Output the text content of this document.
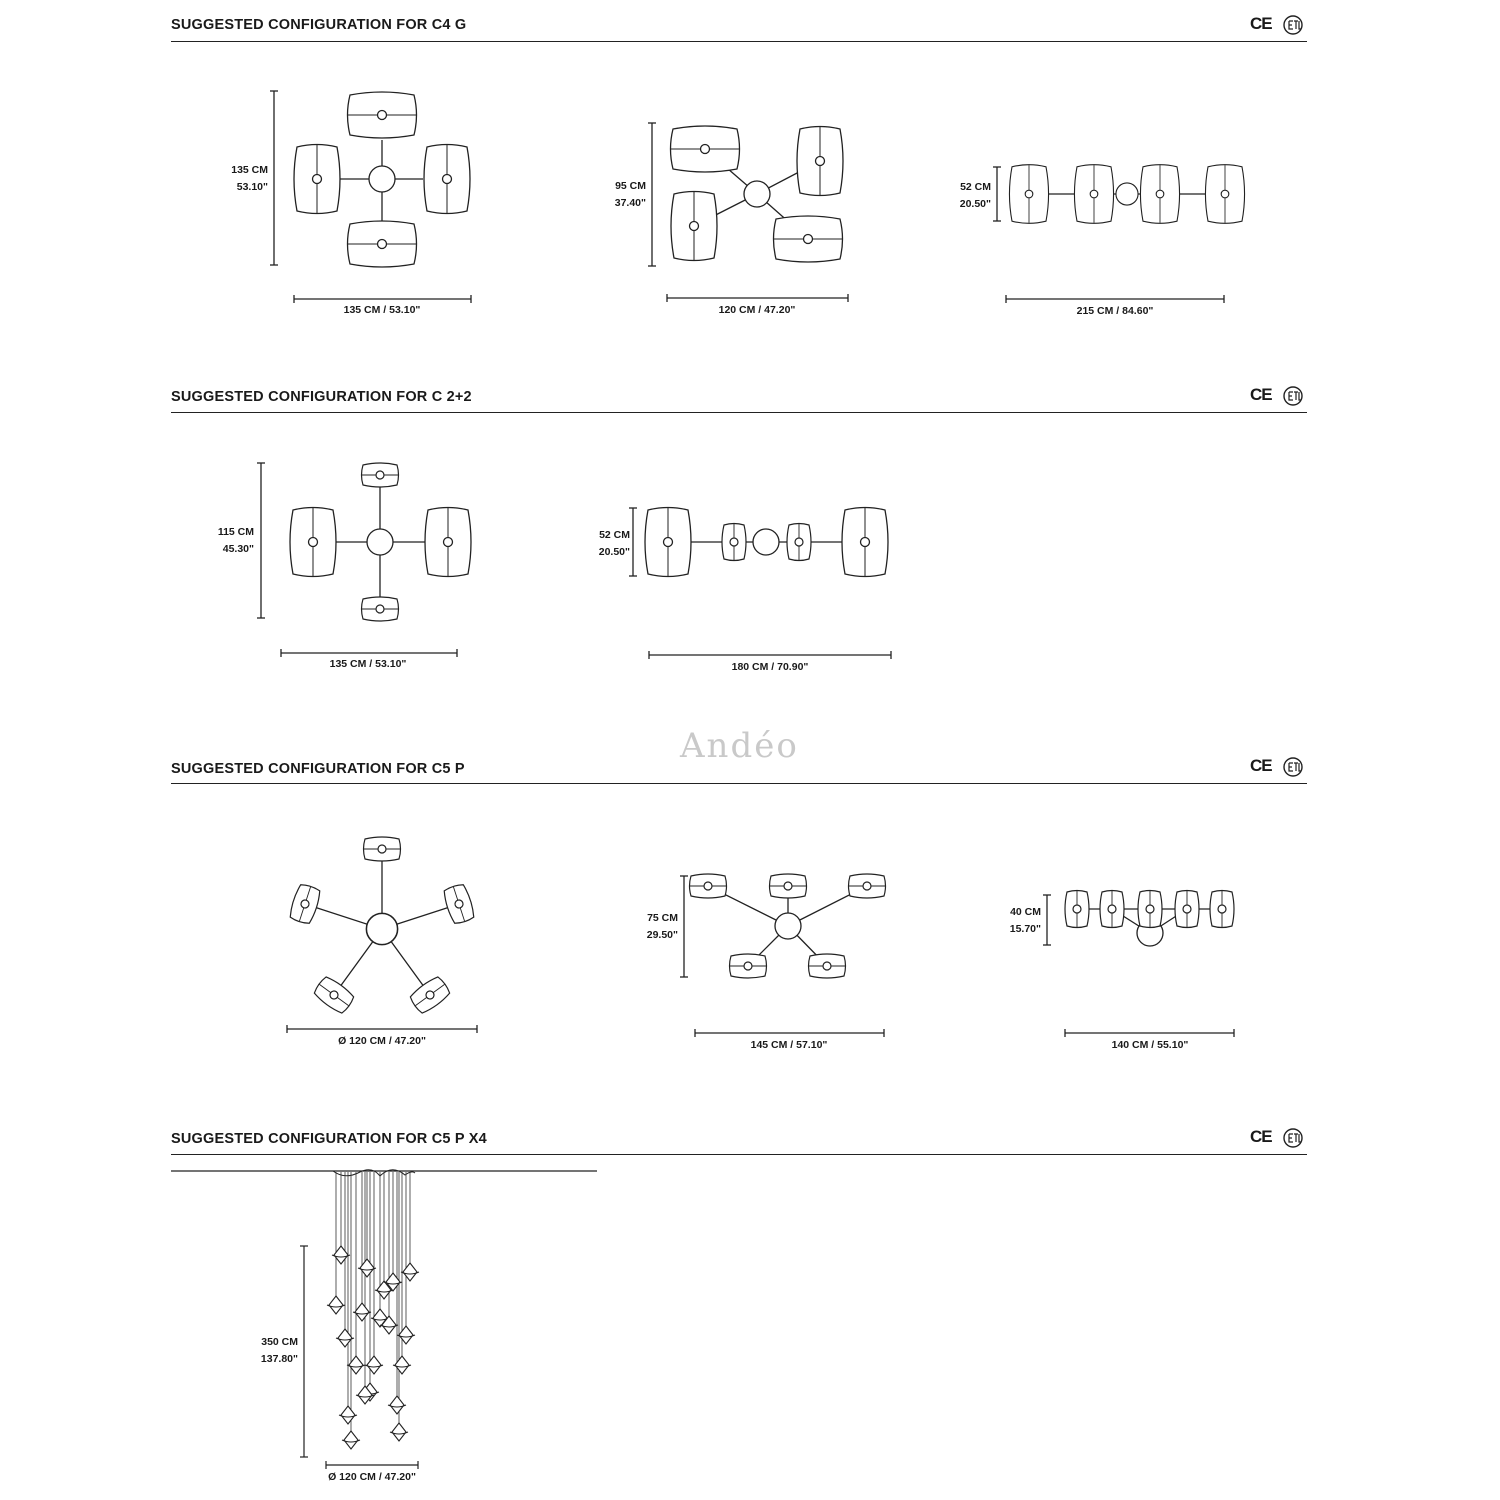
SUGGESTED CONFIGURATION FOR C4 G
SUGGESTED CONFIGURATION FOR C 2+2
SUGGESTED CONFIGURATION FOR C5 P
SUGGESTED CONFIGURATION FOR C5 P X4
CE
CE
CE
CE
Andéo
135 CM
53.10"
135 CM / 53.10"
95 CM
37.40"
120 CM / 47.20"
52 CM
20.50"
215 CM / 84.60"
115 CM
45.30"
135 CM / 53.10"
52 CM
20.50"
180 CM / 70.90"
Ø 120 CM / 47.20"
75 CM
29.50"
145 CM / 57.10"
40 CM
15.70"
140 CM / 55.10"
350 CM
137.80"
Ø 120 CM / 47.20"
